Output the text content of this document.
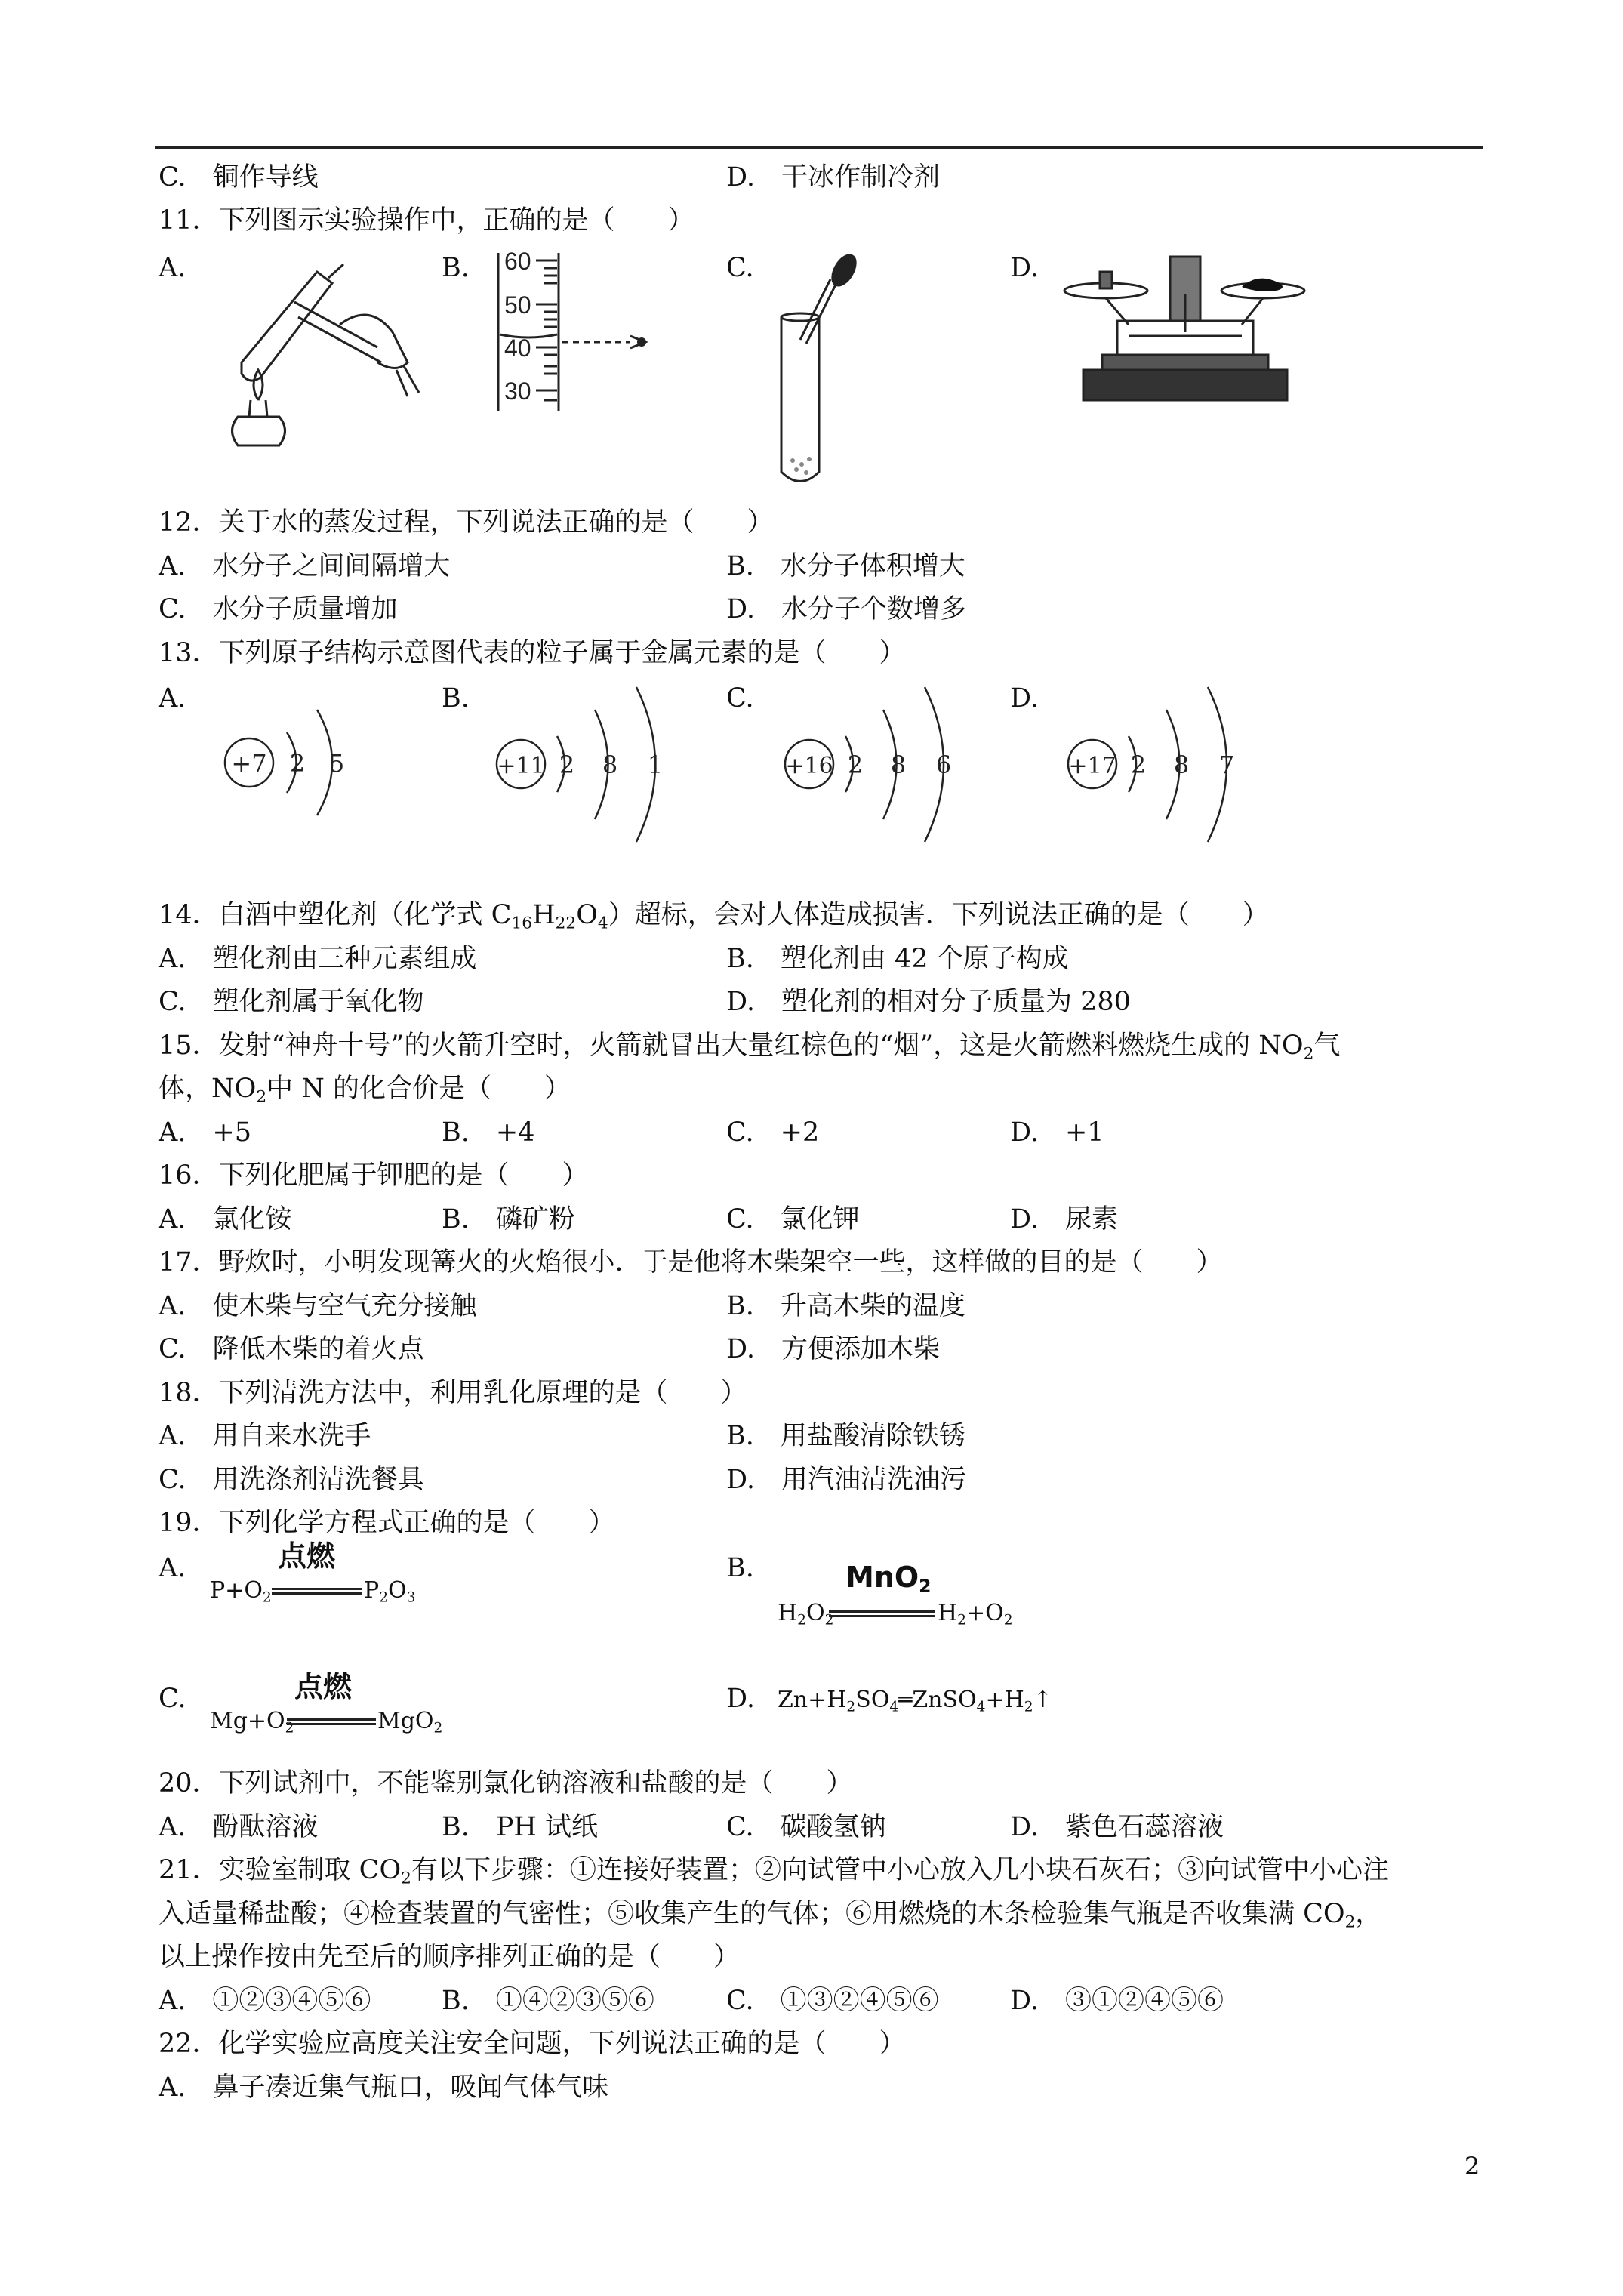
C.　铜作导线	D.　干冰作制冷剂
11．下列图示实验操作中，正确的是（　　）
A.	B.	C.	D.
60
50
40
30
12．关于水的蒸发过程，下列说法正确的是（　　）
A.　水分子之间间隔增大	B.　水分子体积增大
C.　水分子质量增加	D.　水分子个数增多
13．下列原子结构示意图代表的粒子属于金属元素的是（　　）
A.	B.	C.	D.
+7 2 5	+11 2 8 1	+16 2 8 6	+17 2 8 7
14．白酒中塑化剂（化学式 $C_{16}H_{22}O_4$）超标，会对人体造成损害．下列说法正确的是（　　）
A.　塑化剂由三种元素组成	B.　塑化剂由 42 个原子构成
C.　塑化剂属于氧化物	D.　塑化剂的相对分子质量为 280
15．发射“神舟十号”的火箭升空时，火箭就冒出大量红棕色的“烟”，这是火箭燃料燃烧生成的 $NO_2$气
体，$NO_2$中 N 的化合价是（　　）
A.　+5	B.　+4	C.　+2	D.　+1
16．下列化肥属于钾肥的是（　　）
A.　氯化铵	B.　磷矿粉	C.　氯化钾	D.　尿素
17．野炊时，小明发现篝火的火焰很小．于是他将木柴架空一些，这样做的目的是（　　）
A.　使木柴与空气充分接触	B.　升高木柴的温度
C.　降低木柴的着火点	D.　方便添加木柴
18．下列清洗方法中，利用乳化原理的是（　　）
A.　用自来水洗手	B.　用盐酸清除铁锈
C.　用洗涤剂清洗餐具	D.　用汽油清洗油污
19．下列化学方程式正确的是（　　）
A.	B.
点燃
$P+O_2$	$P_2O_3$
MnO$_2$
$H_2O_2$	$H_2+O_2$
C.	点燃
$Mg+O_2$	MgO$_2$
D.　 $Zn+H_2SO_4═ZnSO_4+H_2↑$
20．下列试剂中，不能鉴别氯化钠溶液和盐酸的是（　　）
A.　酚酞溶液	B.　PH 试纸	C.　碳酸氢钠	D.　紫色石蕊溶液
21．实验室制取 $CO_2$有以下步骤：①连接好装置；②向试管中小心放入几小块石灰石；③向试管中小心注
入适量稀盐酸；④检查装置的气密性；⑤收集产生的气体；⑥用燃烧的木条检验集气瓶是否收集满 $CO_2$，
以上操作按由先至后的顺序排列正确的是（　　）
A.　①②③④⑤⑥	B.　①④②③⑤⑥	C.　①③②④⑤⑥	D.　③①②④⑤⑥
22．化学实验应高度关注安全问题，下列说法正确的是（　　）
A.　鼻子凑近集气瓶口，吸闻气体气味
2
